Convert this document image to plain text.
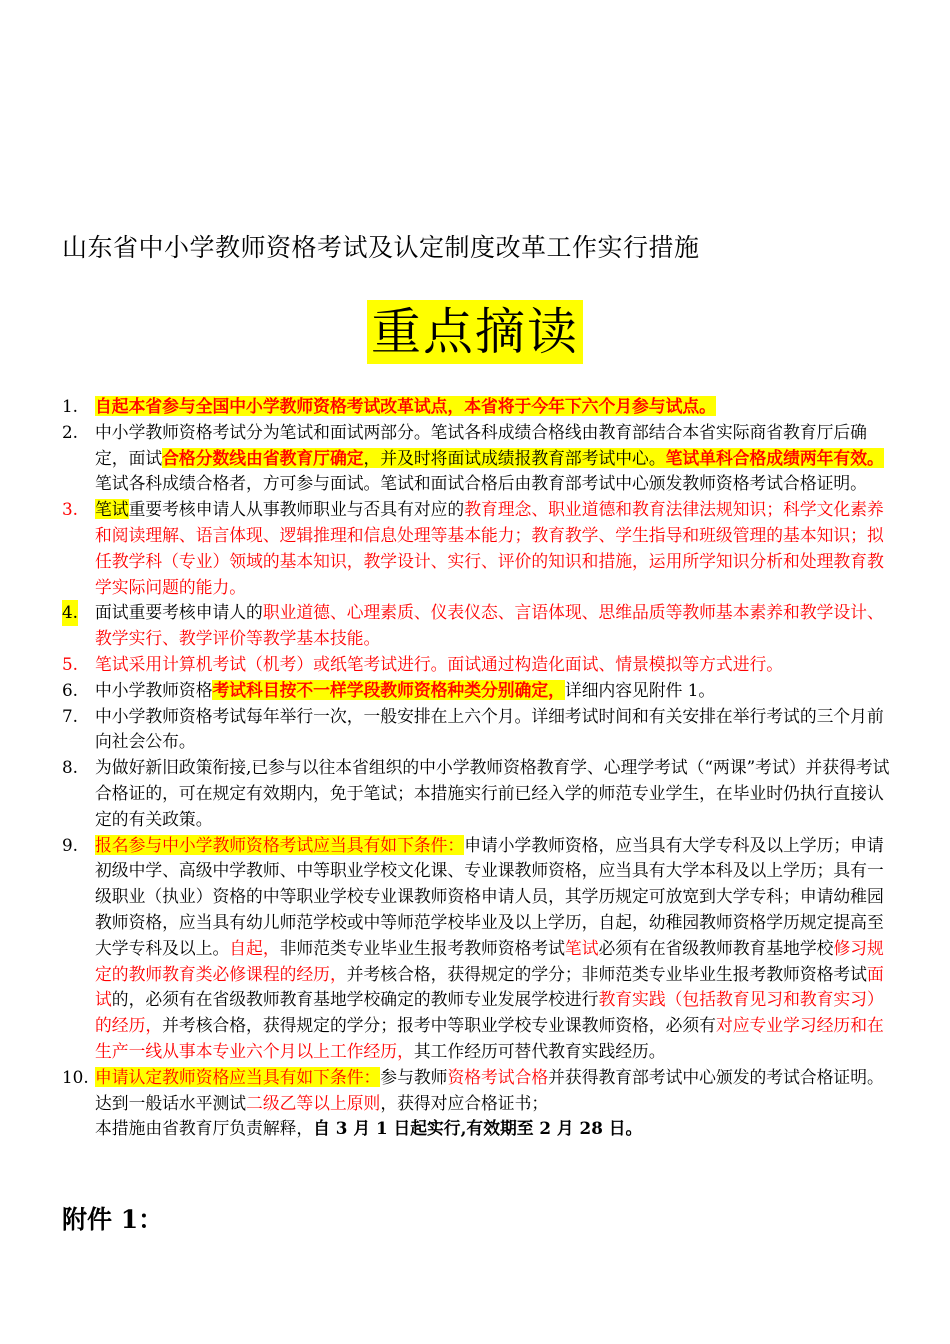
山东省中小学教师资格考试及认定制度改革工作实行措施
重点摘读
1. 自起本省参与全国中小学教师资格考试改革试点，本省将于今年下六个月参与试点。
2. 中小学教师资格考试分为笔试和面试两部分。笔试各科成绩合格线由教育部结合本省实际商省教育厅后确定，面试合格分数线由省教育厅确定，并及时将面试成绩报教育部考试中心。笔试单科合格成绩两年有效。笔试各科成绩合格者，方可参与面试。笔试和面试合格后由教育部考试中心颁发教师资格考试合格证明。
3. 笔试重要考核申请人从事教师职业与否具有对应的教育理念、职业道德和教育法律法规知识；科学文化素养和阅读理解、语言体现、逻辑推理和信息处理等基本能力；教育教学、学生指导和班级管理的基本知识；拟任教学科（专业）领域的基本知识，教学设计、实行、评价的知识和措施，运用所学知识分析和处理教育教学实际问题的能力。
4. 面试重要考核申请人的职业道德、心理素质、仪表仪态、言语体现、思维品质等教师基本素养和教学设计、教学实行、教学评价等教学基本技能。
5. 笔试采用计算机考试（机考）或纸笔考试进行。面试通过构造化面试、情景模拟等方式进行。
6. 中小学教师资格考试科目按不一样学段教师资格种类分别确定，详细内容见附件 1。
7. 中小学教师资格考试每年举行一次，一般安排在上六个月。详细考试时间和有关安排在举行考试的三个月前向社会公布。
8. 为做好新旧政策衔接,已参与以往本省组织的中小学教师资格教育学、心理学考试（“两课”考试）并获得考试合格证的，可在规定有效期内，免于笔试；本措施实行前已经入学的师范专业学生，在毕业时仍执行直接认定的有关政策。
9. 报名参与中小学教师资格考试应当具有如下条件：申请小学教师资格，应当具有大学专科及以上学历；申请初级中学、高级中学教师、中等职业学校文化课、专业课教师资格，应当具有大学本科及以上学历；具有一级职业（执业）资格的中等职业学校专业课教师资格申请人员，其学历规定可放宽到大学专科；申请幼稚园教师资格，应当具有幼儿师范学校或中等师范学校毕业及以上学历，自起，幼稚园教师资格学历规定提高至大学专科及以上。自起，非师范类专业毕业生报考教师资格考试笔试必须有在省级教师教育基地学校修习规定的教师教育类必修课程的经历，并考核合格，获得规定的学分；非师范类专业毕业生报考教师资格考试面试的，必须有在省级教师教育基地学校确定的教师专业发展学校进行教育实践（包括教育见习和教育实习）的经历，并考核合格，获得规定的学分；报考中等职业学校专业课教师资格，必须有对应专业学习经历和在生产一线从事本专业六个月以上工作经历，其工作经历可替代教育实践经历。
10. 申请认定教师资格应当具有如下条件：参与教师资格考试合格并获得教育部考试中心颁发的考试合格证明。达到一般话水平测试二级乙等以上原则，获得对应合格证书；
本措施由省教育厅负责解释，自 3 月 1 日起实行,有效期至 2 月 28 日。
附件 1：
